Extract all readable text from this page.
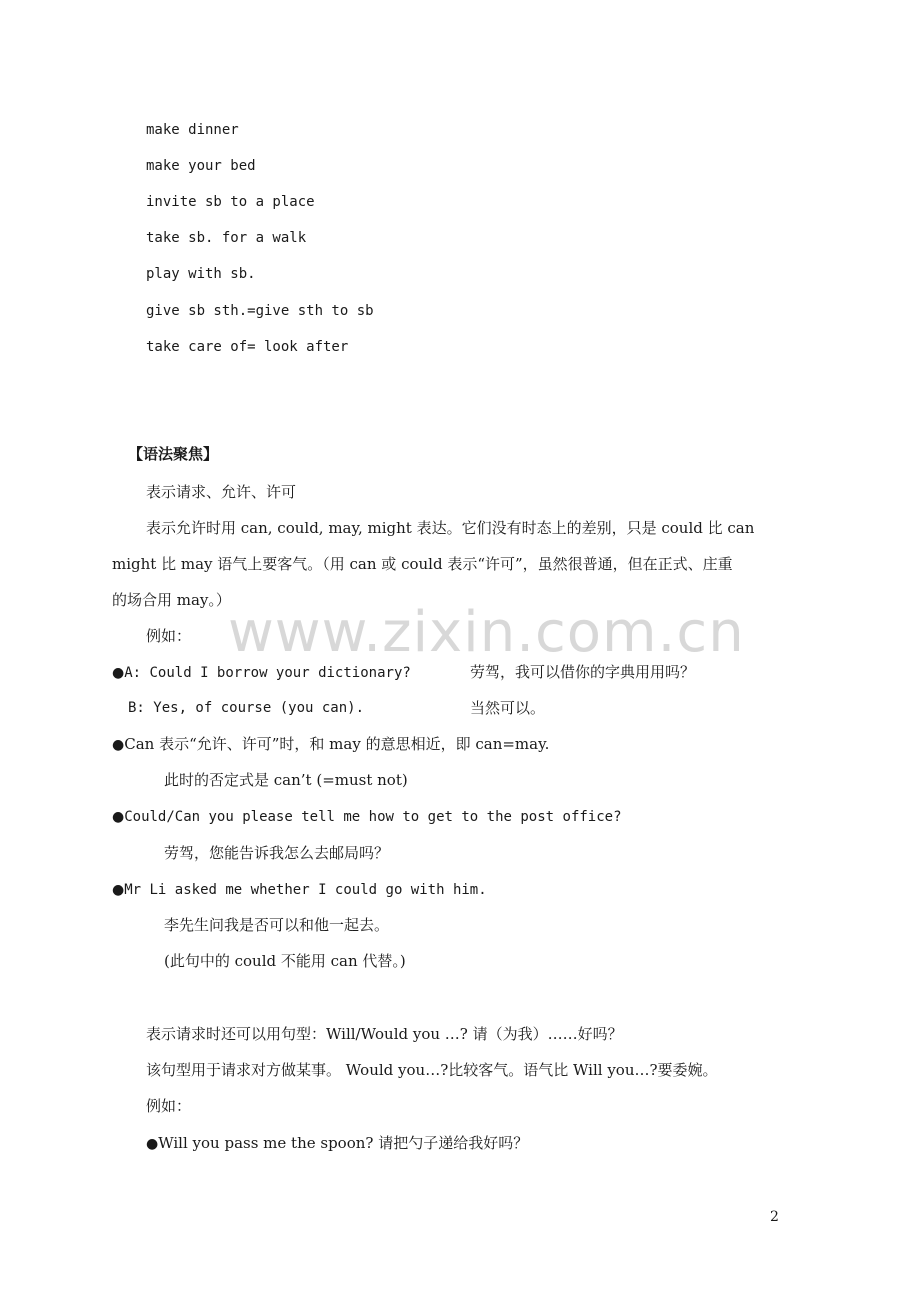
www.zixin.com.cn
make dinner
make your bed
invite sb to a place
take sb. for a walk
play with sb.
give sb sth.=give sth to sb
take care of= look after
【语法聚焦】
表示请求、允许、许可
表示允许时用 can, could, may, might 表达。它们没有时态上的差别，只是 could 比 can
might 比 may 语气上要客气。（用 can 或 could 表示“许可”，虽然很普通，但在正式、庄重
的场合用 may。）
例如：
●A: Could I borrow your dictionary?	劳驾，我可以借你的字典用用吗？
B: Yes, of course (you can).	当然可以。
●Can 表示“允许、许可”时，和 may 的意思相近，即 can=may.
此时的否定式是 can’t (=must not)
●Could/Can you please tell me how to get to the post office?
劳驾，您能告诉我怎么去邮局吗？
●Mr Li asked me whether I could go with him.
李先生问我是否可以和他一起去。
(此句中的 could 不能用 can 代替。)
表示请求时还可以用句型：Will/Would you …? 请（为我）……好吗？
该句型用于请求对方做某事。 Would you…?比较客气。语气比 Will you…?要委婉。
例如：
●Will you pass me the spoon? 请把勺子递给我好吗？
2
